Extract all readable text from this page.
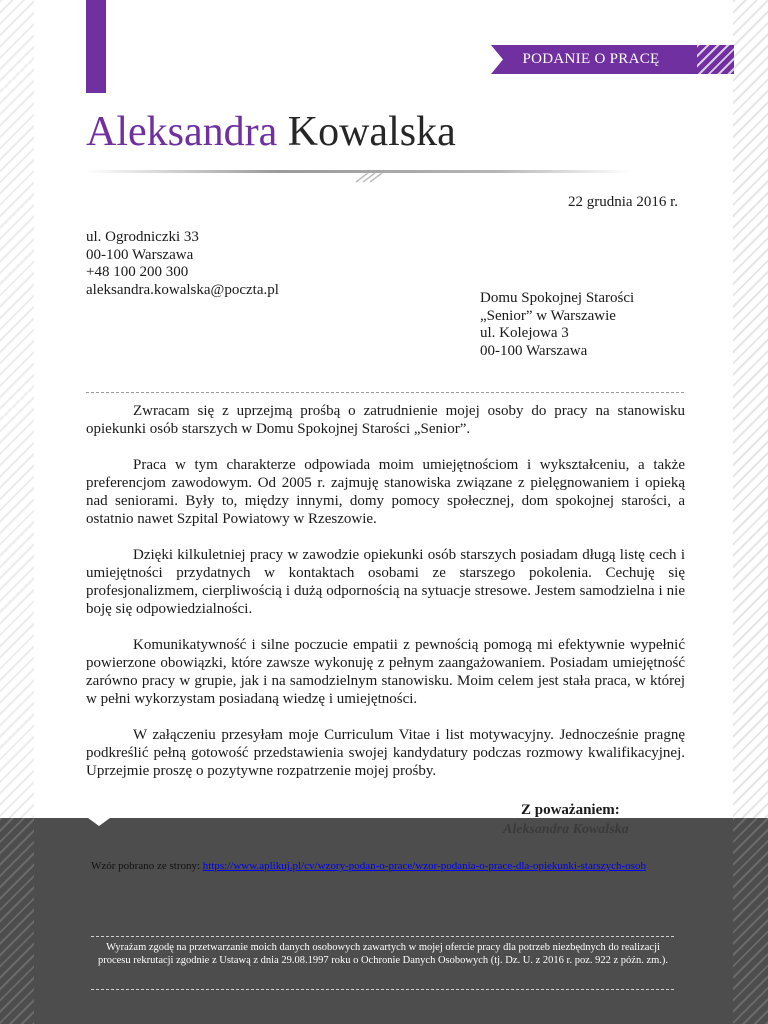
PODANIE O PRACĘ
Aleksandra Kowalska
22 grudnia 2016 r.
ul. Ogrodniczki 33
00-100 Warszawa
+48 100 200 300
aleksandra.kowalska@poczta.pl
Domu Spokojnej Starości
„Senior” w Warszawie
ul. Kolejowa 3
00-100 Warszawa

Zwracam się z uprzejmą prośbą o zatrudnienie mojej osoby do pracy na stanowisku opiekunki osób starszych w Domu Spokojnej Starości „Senior”.

Praca w tym charakterze odpowiada moim umiejętnościom i wykształceniu, a także preferencjom zawodowym. Od 2005 r. zajmuję stanowiska związane z pielęgnowaniem i opieką nad seniorami. Były to, między innymi, domy pomocy społecznej, dom spokojnej starości, a ostatnio nawet Szpital Powiatowy w Rzeszowie.

Dzięki kilkuletniej pracy w zawodzie opiekunki osób starszych posiadam długą listę cech i umiejętności przydatnych w kontaktach osobami ze starszego pokolenia. Cechuję się profesjonalizmem, cierpliwością i dużą odpornością na sytuacje stresowe. Jestem samodzielna i nie boję się odpowiedzialności.

Komunikatywność i silne poczucie empatii z pewnością pomogą mi efektywnie wypełnić powierzone obowiązki, które zawsze wykonuję z pełnym zaangażowaniem. Posiadam umiejętność zarówno pracy w grupie, jak i na samodzielnym stanowisku. Moim celem jest stała praca, w której w pełni wykorzystam posiadaną wiedzę i umiejętności.

W załączeniu przesyłam moje Curriculum Vitae i list motywacyjny. Jednocześnie pragnę podkreślić pełną gotowość przedstawienia swojej kandydatury podczas rozmowy kwalifikacyjnej. Uprzejmie proszę o pozytywne rozpatrzenie mojej prośby.

Z poważaniem:
Aleksandra Kowalska
Wzór pobrano ze strony: https://www.aplikuj.pl/cv/wzory-podan-o-prace/wzor-podania-o-prace-dla-opiekunki-starszych-osob
Wyrażam zgodę na przetwarzanie moich danych osobowych zawartych w mojej ofercie pracy dla potrzeb niezbędnych do realizacji procesu rekrutacji zgodnie z Ustawą z dnia 29.08.1997 roku o Ochronie Danych Osobowych (tj. Dz. U. z 2016 r. poz. 922 z późn. zm.).
